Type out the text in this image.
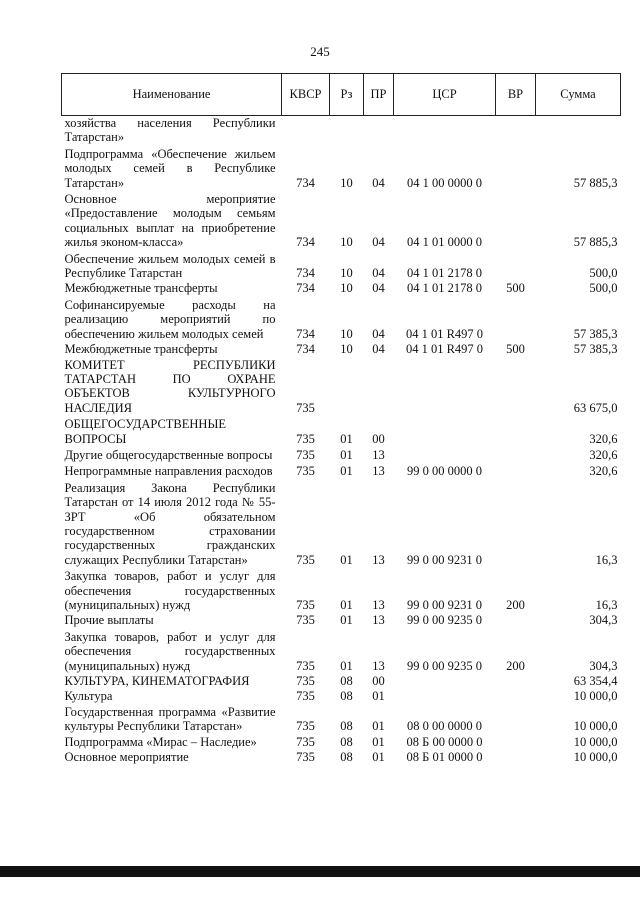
245
Наименование	КВСР	Рз	ПР	ЦСР	ВР	Сумма
хозяйства населения Республики Татарстан»						
Подпрограмма «Обеспечение жильем молодых семей в Республике Татарстан»	734	10	04	04 1 00 0000 0		57 885,3
Основное мероприятие «Предоставление молодым семьям социальных выплат на приобретение жилья эконом-класса»	734	10	04	04 1 01 0000 0		57 885,3
Обеспечение жильем молодых семей в Республике Татарстан	734	10	04	04 1 01 2178 0		500,0
Межбюджетные трансферты	734	10	04	04 1 01 2178 0	500	500,0
Софинансируемые расходы на реализацию мероприятий по обеспечению жильем молодых семей	734	10	04	04 1 01 R497 0		57 385,3
Межбюджетные трансферты	734	10	04	04 1 01 R497 0	500	57 385,3
КОМИТЕТ РЕСПУБЛИКИ ТАТАРСТАН ПО ОХРАНЕ ОБЪЕКТОВ КУЛЬТУРНОГО НАСЛЕДИЯ	735					63 675,0
ОБЩЕГОСУДАРСТВЕННЫЕ ВОПРОСЫ	735	01	00			320,6
Другие общегосударственные вопросы	735	01	13			320,6
Непрограммные направления расходов	735	01	13	99 0 00 0000 0		320,6
Реализация Закона Республики Татарстан от 14 июля 2012 года № 55-ЗРТ «Об обязательном государственном страховании государственных гражданских служащих Республики Татарстан»	735	01	13	99 0 00 9231 0		16,3
Закупка товаров, работ и услуг для обеспечения государственных (муниципальных) нужд	735	01	13	99 0 00 9231 0	200	16,3
Прочие выплаты	735	01	13	99 0 00 9235 0		304,3
Закупка товаров, работ и услуг для обеспечения государственных (муниципальных) нужд	735	01	13	99 0 00 9235 0	200	304,3
КУЛЬТУРА, КИНЕМАТОГРАФИЯ	735	08	00			63 354,4
Культура	735	08	01			10 000,0
Государственная программа «Развитие культуры Республики Татарстан»	735	08	01	08 0 00 0000 0		10 000,0
Подпрограмма «Мирас – Наследие»	735	08	01	08 Б 00 0000 0		10 000,0
Основное мероприятие	735	08	01	08 Б 01 0000 0		10 000,0
